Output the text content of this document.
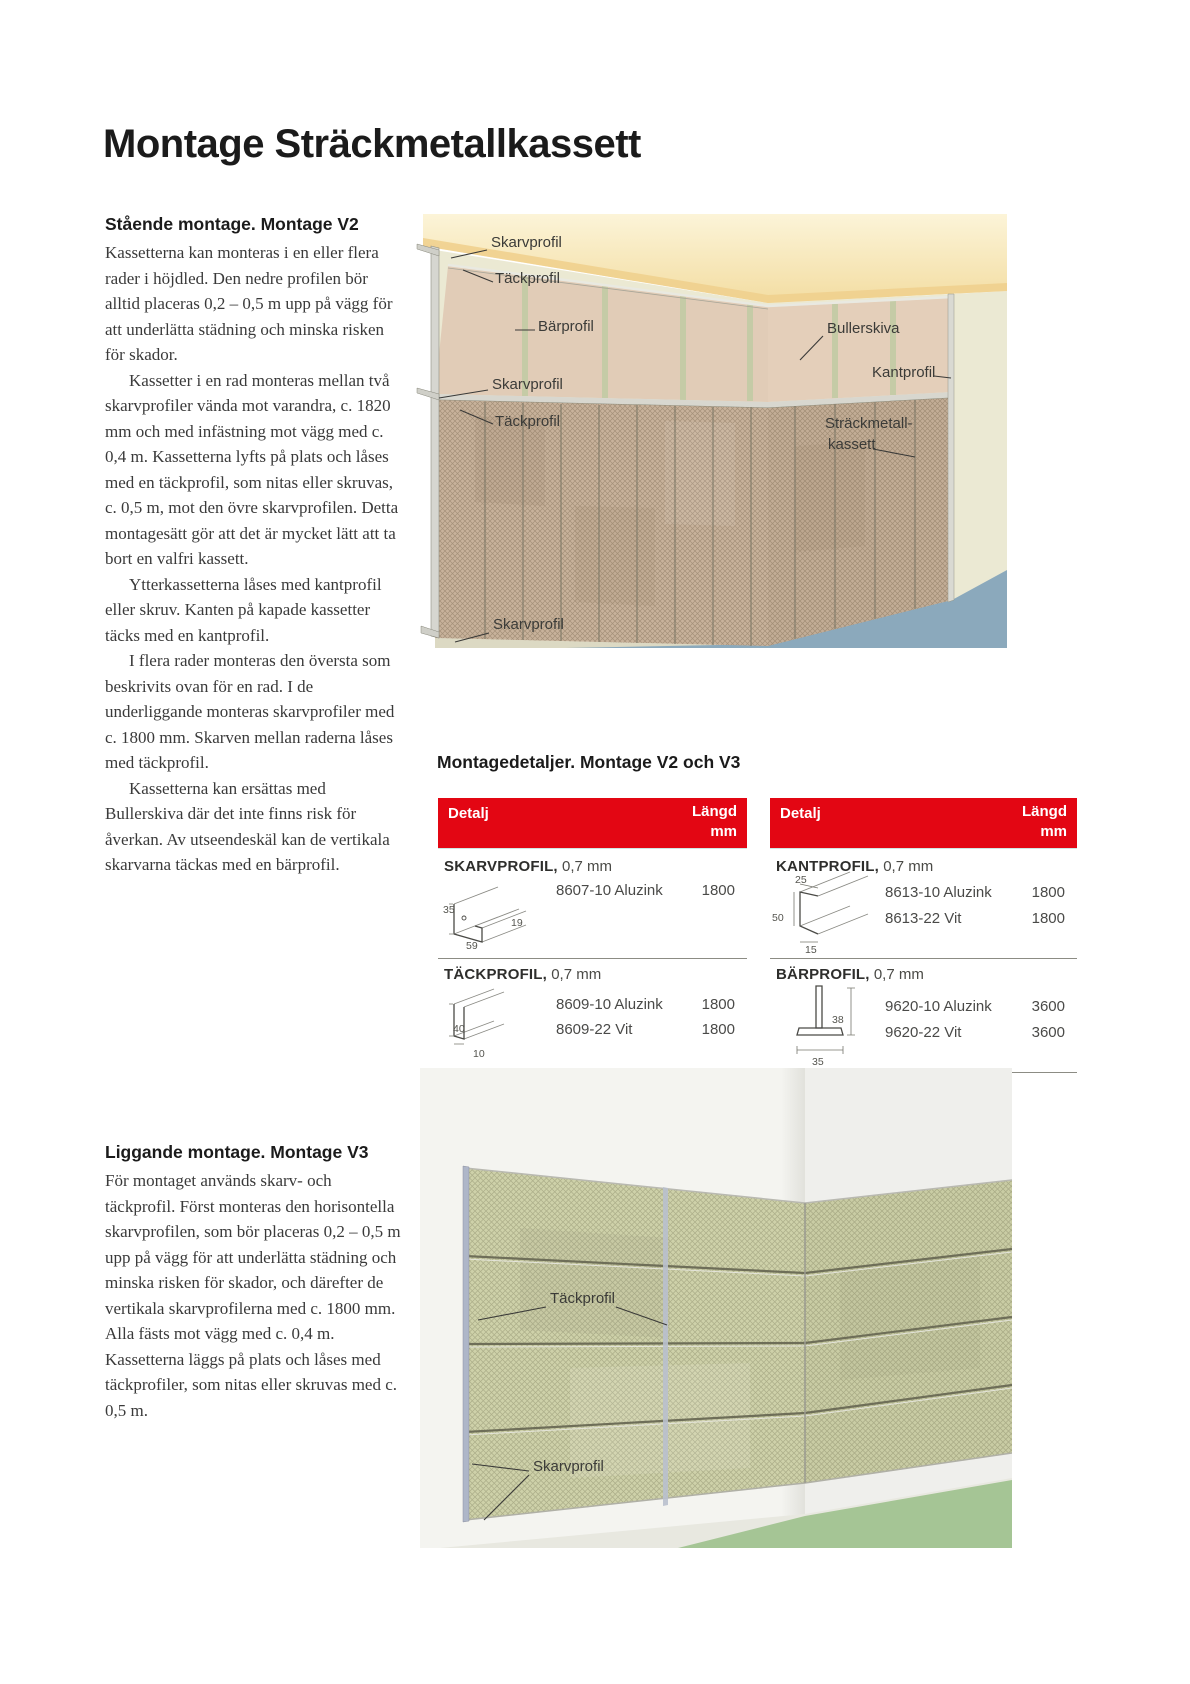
Montage Sträckmetallkassett
Stående montage. Montage V2

Kassetterna kan monteras i en eller flera rader i höjdled. Den nedre profilen bör alltid placeras 0,2 – 0,5 m upp på vägg för att underlätta städning och minska risken för skador.

Kassetter i en rad monteras mellan två skarvprofiler vända mot varandra, c. 1820 mm och med infästning mot vägg med c. 0,4 m. Kassetterna lyfts på plats och låses med en täckprofil, som nitas eller skruvas, c. 0,5 m, mot den övre skarvprofilen. Detta montagesätt gör att det är mycket lätt att ta bort en valfri kassett.

Ytterkassetterna låses med kantprofil eller skruv. Kanten på kapade kassetter täcks med en kantprofil.

I flera rader monteras den översta som beskrivits ovan för en rad. I de underliggande monteras skarvprofiler med c. 1800 mm. Skarven mellan raderna låses med täckprofil.

Kassetterna kan ersättas med Bullerskiva där det inte finns risk för åverkan. Av utseendeskäl kan de vertikala skarvarna täckas med en bärprofil.

Skarvprofil
Täckprofil
Bärprofil	Bullerskiva
Kantprofil
Skarvprofil
Täckprofil	Sträckmetall-
kassett
Skarvprofil
Montagedetaljer. Montage V2 och V3
Detalj	Längd
mm
SKARVPROFIL, 0,7 mm
8607-10 Aluzink	1800
35
59
19
TÄCKPROFIL, 0,7 mm
8609-10 Aluzink	1800
8609-22 Vit	1800
40
10
Detalj	Längd
mm
KANTPROFIL, 0,7 mm
8613-10 Aluzink	1800
8613-22 Vit	1800
25
50
15
BÄRPROFIL, 0,7 mm
9620-10 Aluzink	3600
9620-22 Vit	3600
38
35
Liggande montage. Montage V3

För montaget används skarv- och täckprofil. Först monteras den horisontella skarvprofilen, som bör placeras 0,2 – 0,5 m upp på vägg för att underlätta städning och minska risken för skador, och därefter de vertikala skarvprofilerna med c. 1800 mm. Alla fästs mot vägg med c. 0,4 m. Kassetterna läggs på plats och låses med täckprofiler, som nitas eller skruvas med c. 0,5 m.

Täckprofil
Skarvprofil
